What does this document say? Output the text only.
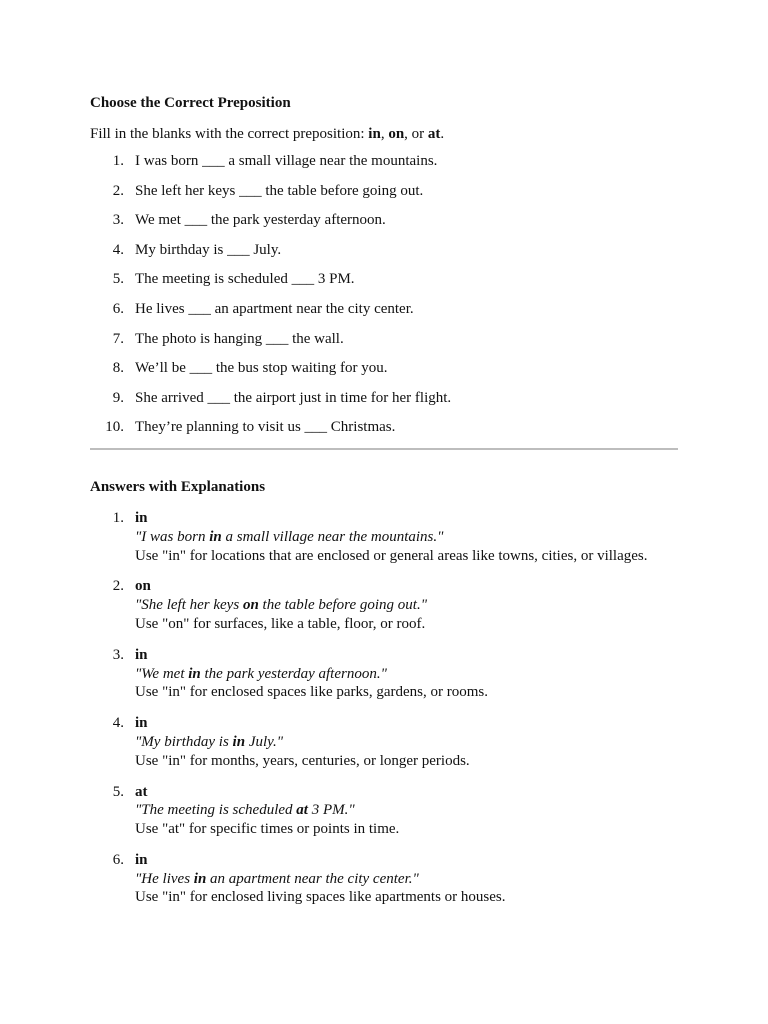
Choose the Correct Preposition

Fill in the blanks with the correct preposition: in, on, or at.

1. I was born ___ a small village near the mountains.
2. She left her keys ___ the table before going out.
3. We met ___ the park yesterday afternoon.
4. My birthday is ___ July.
5. The meeting is scheduled ___ 3 PM.
6. He lives ___ an apartment near the city center.
7. The photo is hanging ___ the wall.
8. We’ll be ___ the bus stop waiting for you.
9. She arrived ___ the airport just in time for her flight.
10. They’re planning to visit us ___ Christmas.
Answers with Explanations
1. in
"I was born in a small village near the mountains."
Use "in" for locations that are enclosed or general areas like towns, cities, or villages.
2. on
"She left her keys on the table before going out."
Use "on" for surfaces, like a table, floor, or roof.
3. in
"We met in the park yesterday afternoon."
Use "in" for enclosed spaces like parks, gardens, or rooms.
4. in
"My birthday is in July."
Use "in" for months, years, centuries, or longer periods.
5. at
"The meeting is scheduled at 3 PM."
Use "at" for specific times or points in time.
6. in
"He lives in an apartment near the city center."
Use "in" for enclosed living spaces like apartments or houses.
